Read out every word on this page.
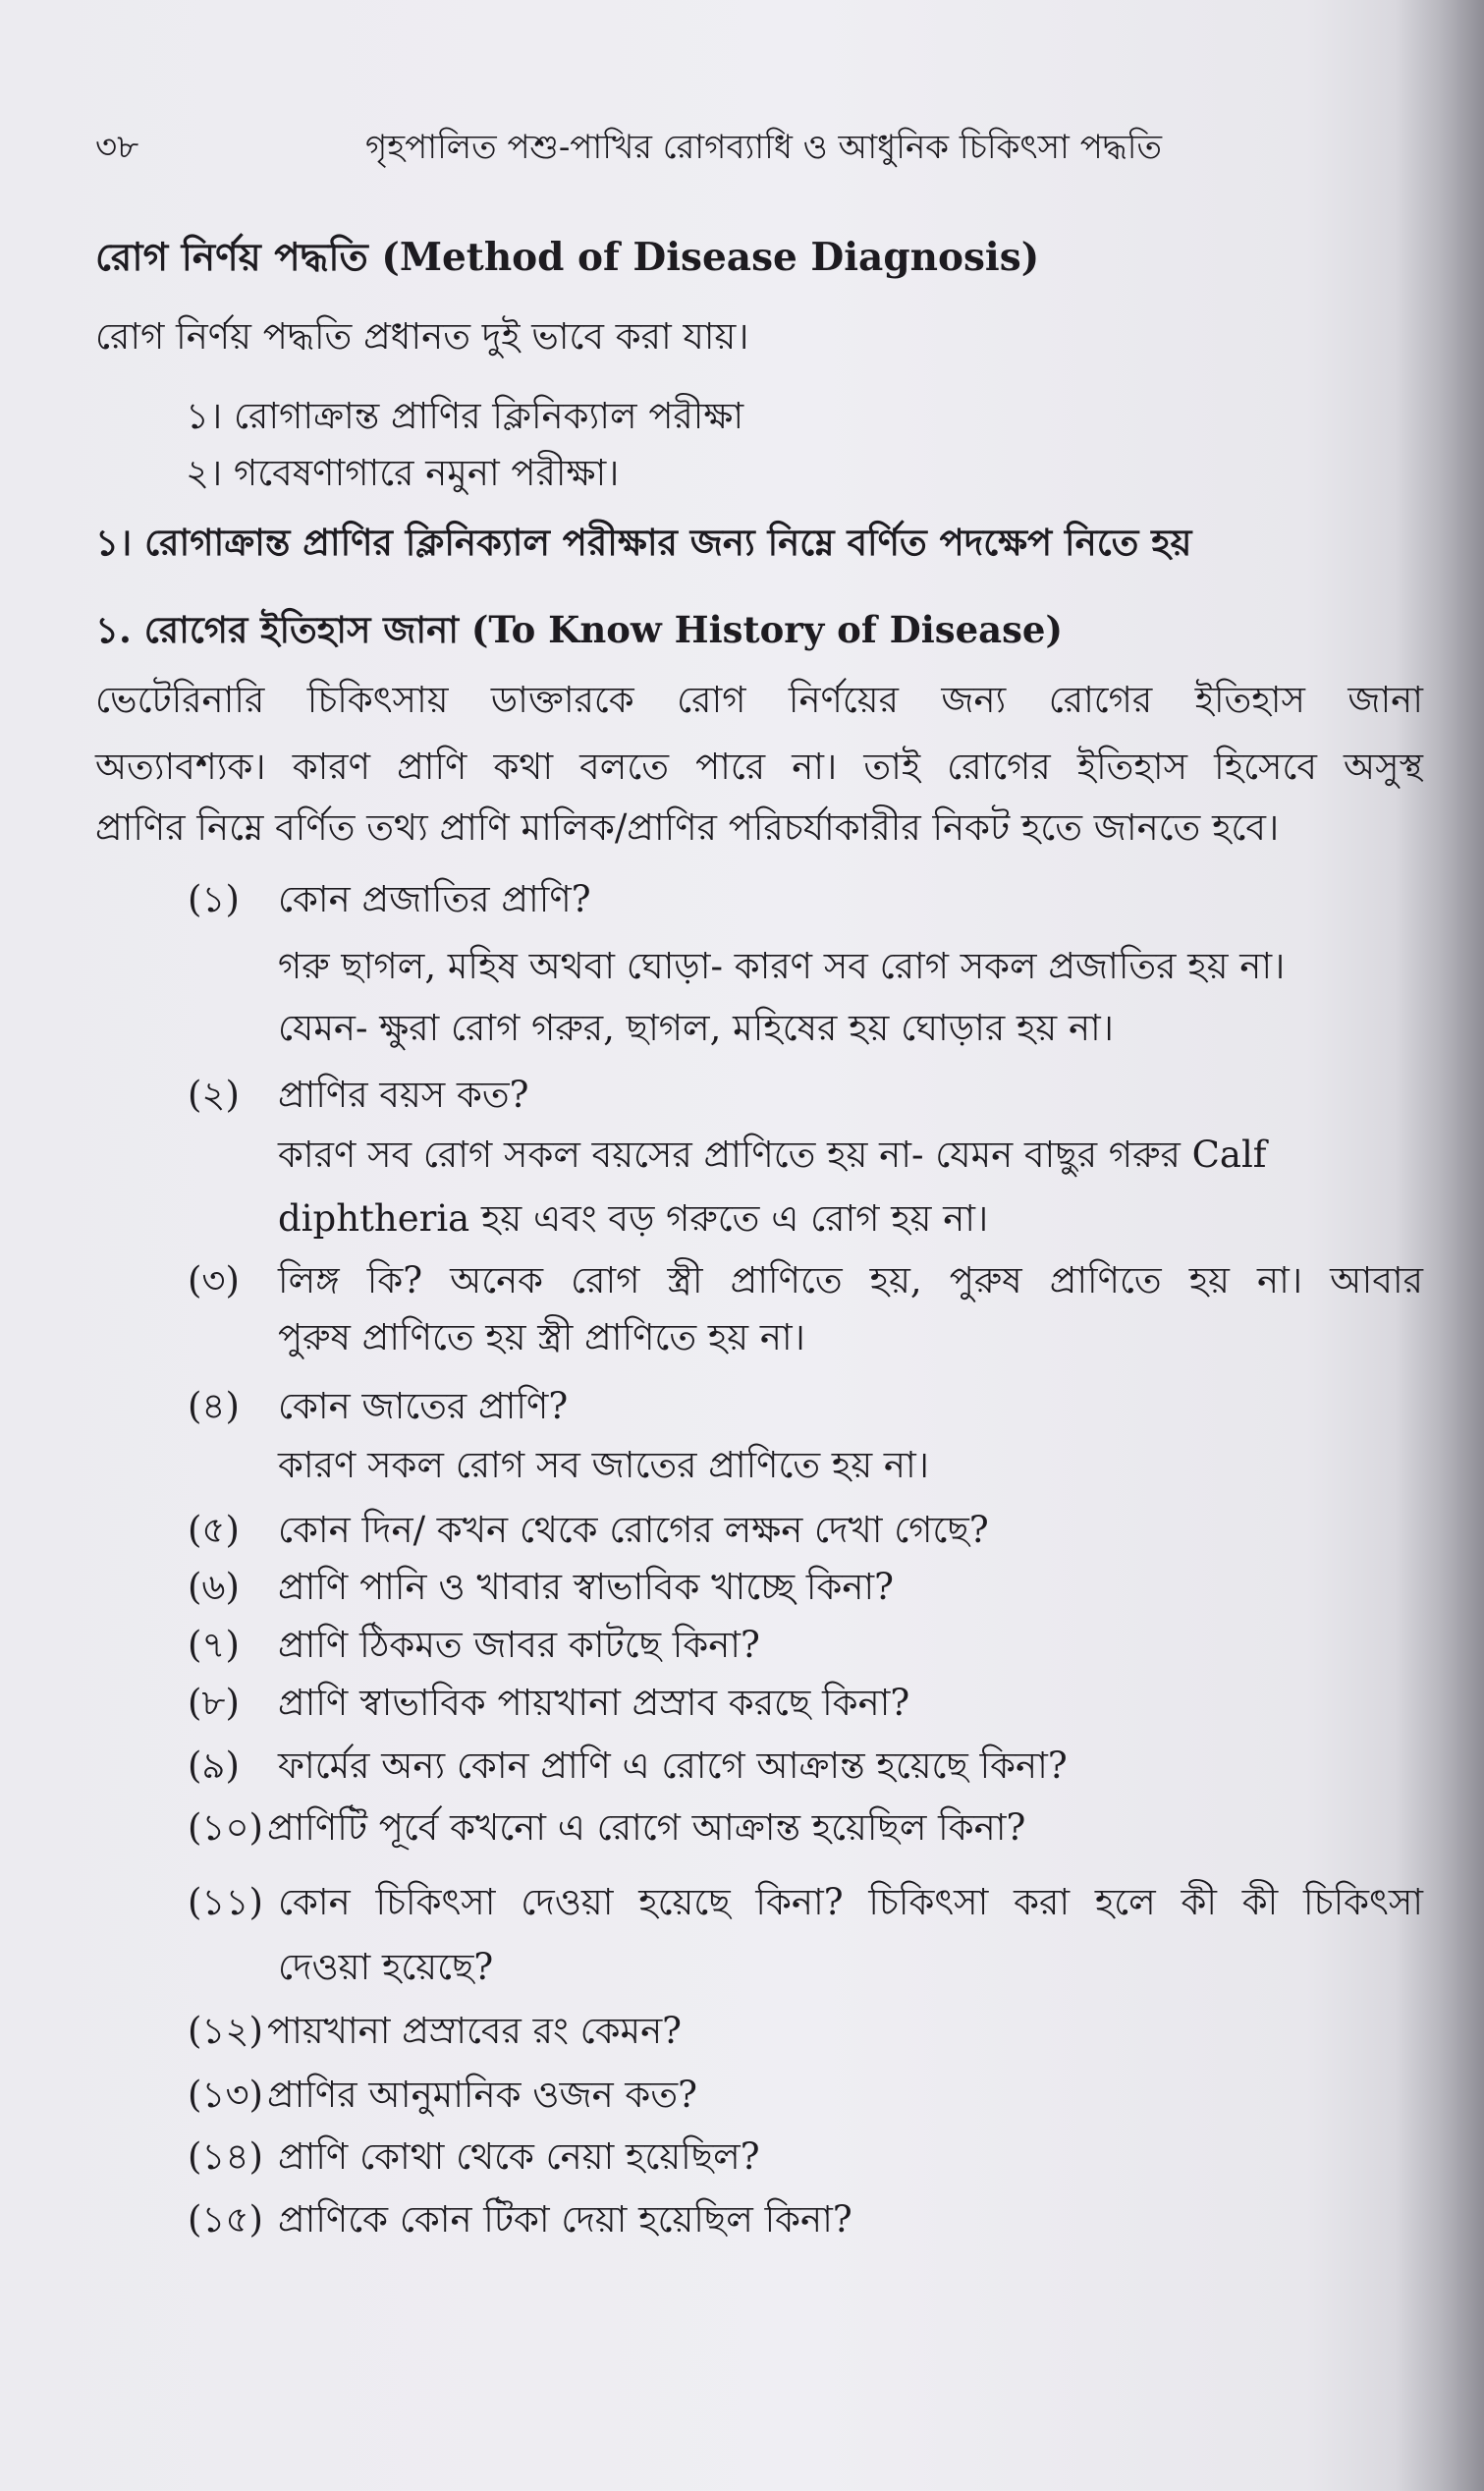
৩৮	গৃহপালিত পশু-পাখির রোগব্যাধি ও আধুনিক চিকিৎসা পদ্ধতি
রোগ নির্ণয় পদ্ধতি (Method of Disease Diagnosis)
রোগ নির্ণয় পদ্ধতি প্রধানত দুই ভাবে করা যায়।
১। রোগাক্রান্ত প্রাণির ক্লিনিক্যাল পরীক্ষা
২। গবেষণাগারে নমুনা পরীক্ষা।
১। রোগাক্রান্ত প্রাণির ক্লিনিক্যাল পরীক্ষার জন্য নিম্নে বর্ণিত পদক্ষেপ নিতে হয়
১. রোগের ইতিহাস জানা (To Know History of Disease)
ভেটেরিনারি চিকিৎসায় ডাক্তারকে রোগ নির্ণয়ের জন্য রোগের ইতিহাস জানা
অত্যাবশ্যক। কারণ প্রাণি কথা বলতে পারে না। তাই রোগের ইতিহাস হিসেবে অসুস্থ
প্রাণির নিম্নে বর্ণিত তথ্য প্রাণি মালিক/প্রাণির পরিচর্যাকারীর নিকট হতে জানতে হবে।
(১) কোন প্রজাতির প্রাণি?
গরু ছাগল, মহিষ অথবা ঘোড়া- কারণ সব রোগ সকল প্রজাতির হয় না।
যেমন- ক্ষুরা রোগ গরুর, ছাগল, মহিষের হয় ঘোড়ার হয় না।
(২) প্রাণির বয়স কত?
কারণ সব রোগ সকল বয়সের প্রাণিতে হয় না- যেমন বাছুর গরুর Calf
diphtheria হয় এবং বড় গরুতে এ রোগ হয় না।
(৩) লিঙ্গ কি? অনেক রোগ স্ত্রী প্রাণিতে হয়, পুরুষ প্রাণিতে হয় না। আবার
পুরুষ প্রাণিতে হয় স্ত্রী প্রাণিতে হয় না।
(৪) কোন জাতের প্রাণি?
কারণ সকল রোগ সব জাতের প্রাণিতে হয় না।
(৫) কোন দিন/ কখন থেকে রোগের লক্ষন দেখা গেছে?
(৬) প্রাণি পানি ও খাবার স্বাভাবিক খাচ্ছে কিনা?
(৭) প্রাণি ঠিকমত জাবর কাটছে কিনা?
(৮) প্রাণি স্বাভাবিক পায়খানা প্রস্রাব করছে কিনা?
(৯) ফার্মের অন্য কোন প্রাণি এ রোগে আক্রান্ত হয়েছে কিনা?
(১০) প্রাণিটি পূর্বে কখনো এ রোগে আক্রান্ত হয়েছিল কিনা?
(১১) কোন চিকিৎসা দেওয়া হয়েছে কিনা? চিকিৎসা করা হলে কী কী চিকিৎসা
দেওয়া হয়েছে?
(১২) পায়খানা প্রস্রাবের রং কেমন?
(১৩) প্রাণির আনুমানিক ওজন কত?
(১৪) প্রাণি কোথা থেকে নেয়া হয়েছিল?
(১৫) প্রাণিকে কোন টিকা দেয়া হয়েছিল কিনা?
